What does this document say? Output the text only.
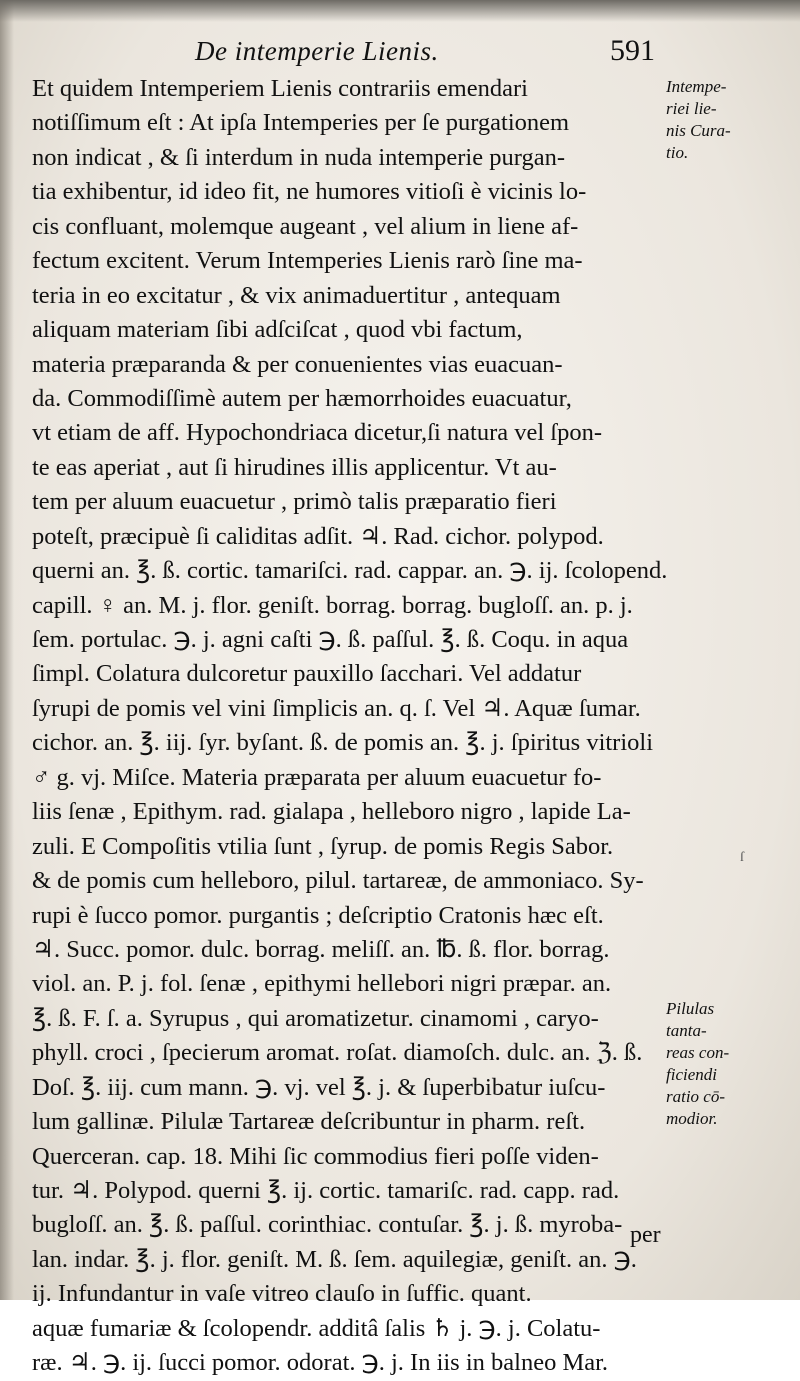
De intemperie Lienis.	591
Et quidem Intemperiem Lienis contrariis emendari
notiſſimum eſt : At ipſa Intemperies per ſe purgationem
non indicat , & ſi interdum in nuda intemperie purgan-
tia exhibentur, id ideo fit, ne humores vitioſi è vicinis lo-
cis confluant, molemque augeant , vel alium in liene af-
fectum excitent. Verum Intemperies Lienis rarò ſine ma-
teria in eo excitatur , & vix animaduertitur , antequam
aliquam materiam ſibi adſciſcat , quod vbi factum,
materia præparanda & per conuenientes vias euacuan-
da. Commodiſſimè autem per hæmorrhoides euacuatur,
vt etiam de aff. Hypochondriaca dicetur,ſi natura vel ſpon-
te eas aperiat , aut ſi hirudines illis applicentur. Vt au-
tem per aluum euacuetur , primò talis præparatio fieri
poteſt, præcipuè ſi caliditas adſit. ♃. Rad. cichor. polypod.
querni an. ℥. ß. cortic. tamariſci. rad. cappar. an. ℈. ij. ſcolopend.
capill. ♀ an. M. j. flor. geniſt. borrag. borrag. bugloſſ. an. p. j.
ſem. portulac. ℈. j. agni caſti ℈. ß. paſſul. ℥. ß. Coqu. in aqua
ſimpl. Colatura dulcoretur pauxillo ſacchari. Vel addatur
ſyrupi de pomis vel vini ſimplicis an. q. ſ. Vel ♃. Aquæ ſumar.
cichor. an. ℥. iij. ſyr. byſant. ß. de pomis an. ℥. j. ſpiritus vitrioli
♂ g. vj. Miſce. Materia præparata per aluum euacuetur fo-
liis ſenæ , Epithym. rad. gialapa , helleboro nigro , lapide La-
zuli. E Compoſitis vtilia ſunt , ſyrup. de pomis Regis Sabor.
& de pomis cum helleboro, pilul. tartareæ, de ammoniaco. Sy-
rupi è ſucco pomor. purgantis ; deſcriptio Cratonis hæc eſt.
♃. Succ. pomor. dulc. borrag. meliſſ. an. ℔. ß. flor. borrag.
viol. an. P. j. fol. ſenæ , epithymi hellebori nigri præpar. an.
℥. ß. F. ſ. a. Syrupus , qui aromatizetur. cinamomi , caryo-
phyll. croci , ſpecierum aromat. roſat. diamoſch. dulc. an. ℨ. ß.
Doſ. ℥. iij. cum mann. ℈. vj. vel ℥. j. & ſuperbibatur iuſcu-
lum gallinæ. Pilulæ Tartareæ deſcribuntur in pharm. reſt.
Querceran. cap. 18. Mihi ſic commodius fieri poſſe viden-
tur. ♃. Polypod. querni ℥. ij. cortic. tamariſc. rad. capp. rad.
bugloſſ. an. ℥. ß. paſſul. corinthiac. contuſar. ℥. j. ß. myroba-
lan. indar. ℥. j. flor. geniſt. M. ß. ſem. aquilegiæ, geniſt. an. ℈.
ij. Infundantur in vaſe vitreo clauſo in ſuffic. quant.
aquæ fumariæ & ſcolopendr. additâ ſalis ♄ j. ℈. j. Colatu-
ræ. ♃. ℈. ij. ſucci pomor. odorat. ℈. j. In iis in balneo Mar.
Intempe-
riei lie-
nis Cura-
tio.
Pilulas
tanta-
reas con-
ficiendi
ratio cō-
modior.
per
ſ
